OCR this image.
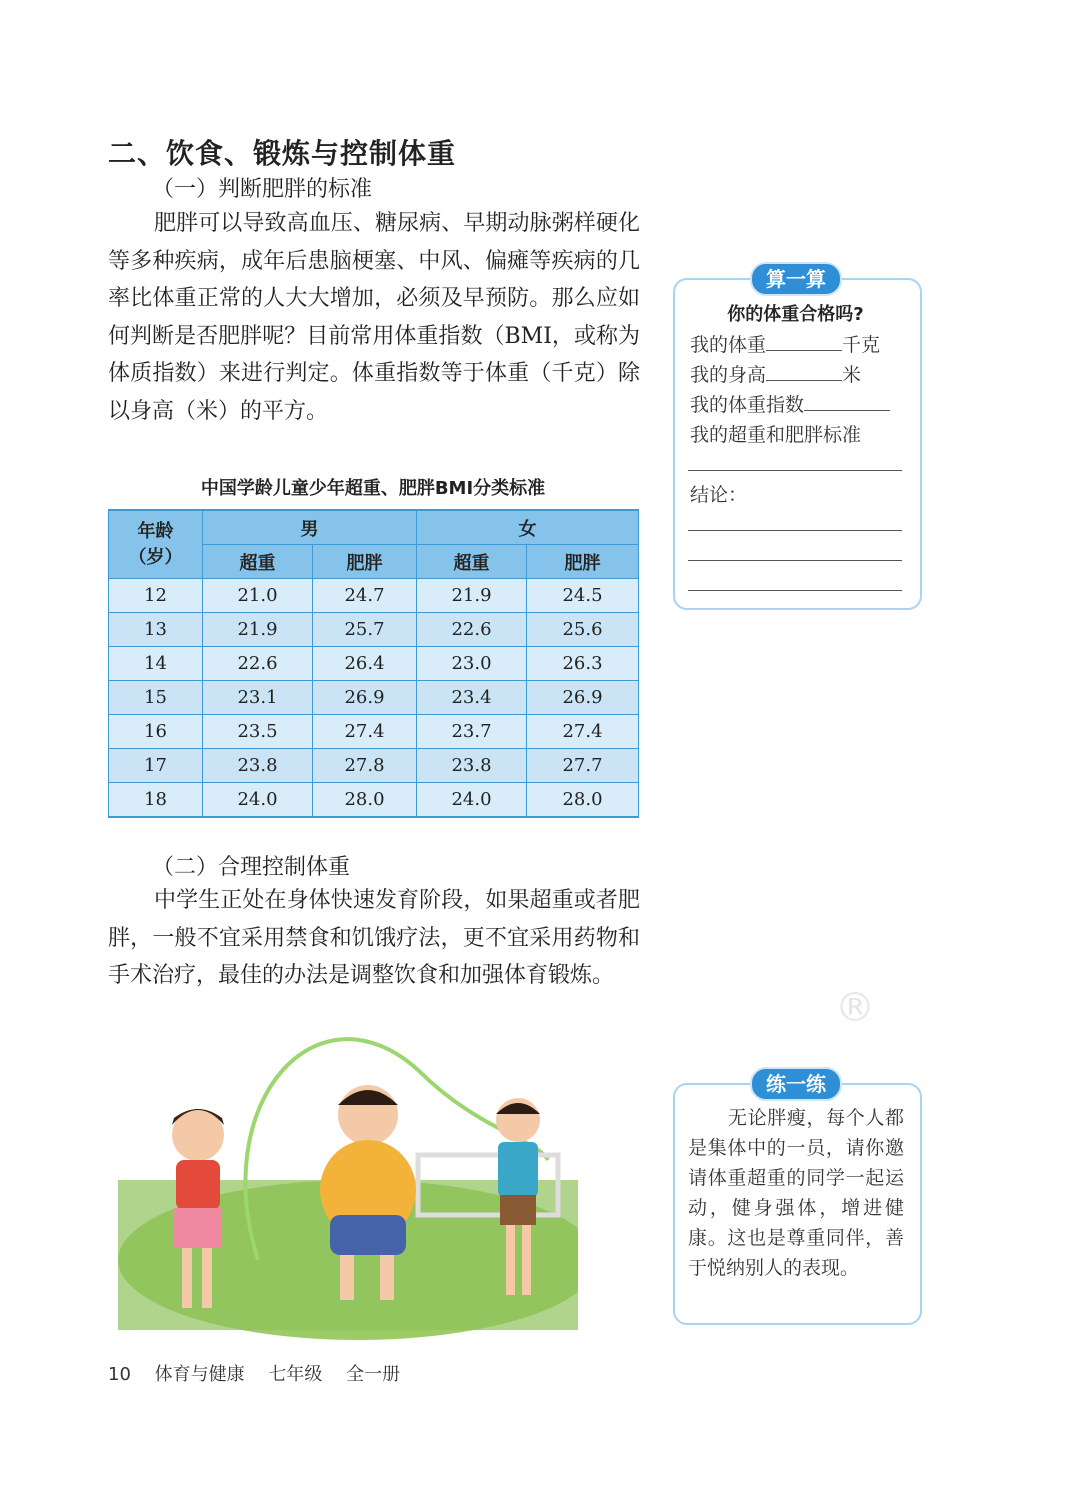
二、饮食、锻炼与控制体重
（一）判断肥胖的标准
肥胖可以导致高血压、糖尿病、早期动脉粥样硬化等多种疾病，成年后患脑梗塞、中风、偏瘫等疾病的几率比体重正常的人大大增加，必须及早预防。那么应如何判断是否肥胖呢？目前常用体重指数（BMI，或称为体质指数）来进行判定。体重指数等于体重（千克）除以身高（米）的平方。
中国学龄儿童少年超重、肥胖BMI分类标准
年龄（岁）	男		女	
	超重	肥胖	超重	肥胖
12	21.0	24.7	21.9	24.5
13	21.9	25.7	22.6	25.6
14	22.6	26.4	23.0	26.3
15	23.1	26.9	23.4	26.9
16	23.5	27.4	23.7	27.4
17	23.8	27.8	23.8	27.7
18	24.0	28.0	24.0	28.0
（二）合理控制体重
中学生正处在身体快速发育阶段，如果超重或者肥胖，一般不宜采用禁食和饥饿疗法，更不宜采用药物和手术治疗，最佳的办法是调整饮食和加强体育锻炼。
®
算一算
你的体重合格吗?
我的体重	千克
我的身高	米
我的体重指数
我的超重和肥胖标准
结论：
练一练
无论胖瘦，每个人都是集体中的一员，请你邀请体重超重的同学一起运动，健身强体，增进健康。这也是尊重同伴，善于悦纳别人的表现。
10 体育与健康 七年级 全一册
